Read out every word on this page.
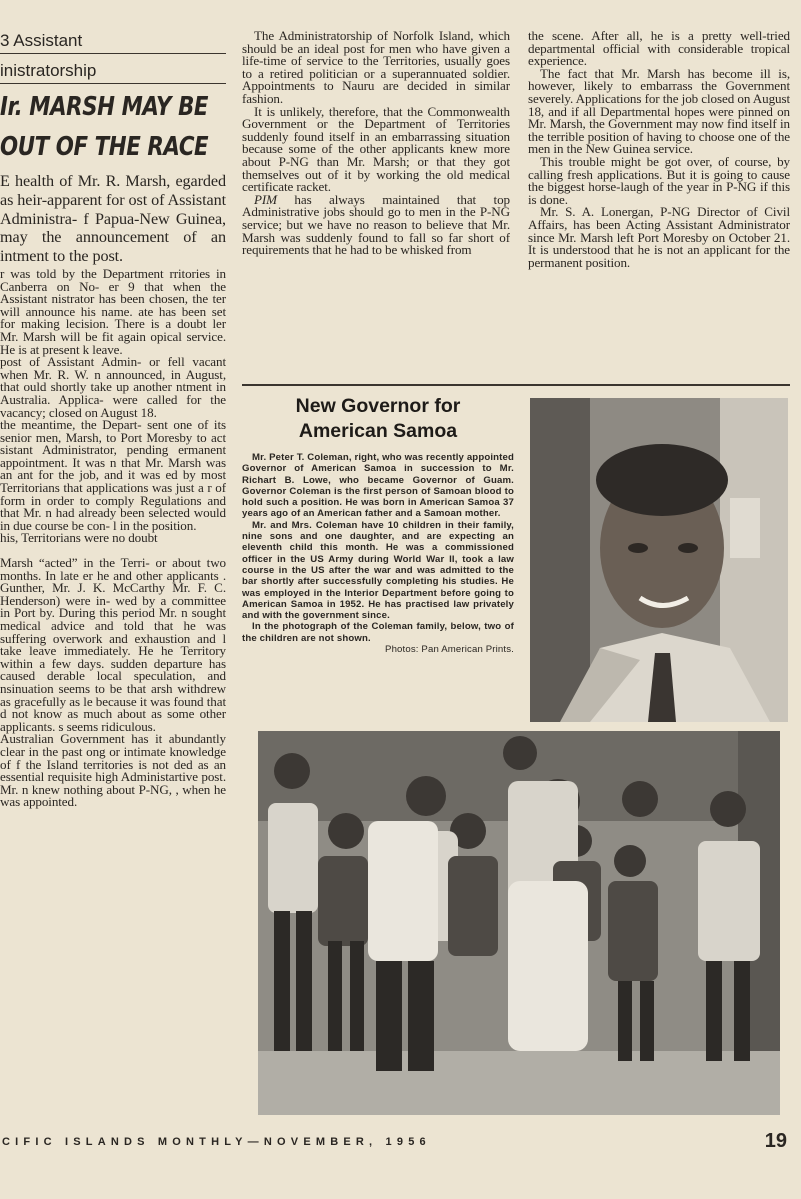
3 Assistant
inistratorship
Ir. MARSH MAY BE
OUT OF THE RACE

E health of Mr. R. Marsh, egarded as heir-apparent for ost of Assistant Administra- f Papua-New Guinea, may the announcement of an intment to the post.

r was told by the Department rritories in Canberra on No- er 9 that when the Assistant nistrator has been chosen, the ter will announce his name. ate has been set for making lecision. There is a doubt ler Mr. Marsh will be fit again opical service. He is at present k leave.

post of Assistant Admin- or fell vacant when Mr. R. W. n announced, in August, that ould shortly take up another ntment in Australia. Applica- were called for the vacancy; closed on August 18.

the meantime, the Depart- sent one of its senior men, Marsh, to Port Moresby to act sistant Administrator, pending ermanent appointment. It was n that Mr. Marsh was an ant for the job, and it was ed by most Territorians that applications was just a r of form in order to comply Regulations and that Mr. n had already been selected would in due course be con- l in the position.

his, Territorians were no doubt

Marsh “acted” in the Terri- or about two months. In late er he and other applicants . Gunther, Mr. J. K. McCarthy Mr. F. C. Henderson) were in- wed by a committee in Port by. During this period Mr. n sought medical advice and told that he was suffering overwork and exhaustion and l take leave immediately. He he Territory within a few days. sudden departure has caused derable local speculation, and nsinuation seems to be that arsh withdrew as gracefully as le because it was found that d not know as much about as some other applicants. s seems ridiculous.

Australian Government has it abundantly clear in the past ong or intimate knowledge of f the Island territories is not ded as an essential requisite high Administartive post. Mr. n knew nothing about P-NG, , when he was appointed.

The Administratorship of Norfolk Island, which should be an ideal post for men who have given a life-time of service to the Territories, usually goes to a retired politician or a superannuated soldier. Appointments to Nauru are decided in similar fashion.

It is unlikely, therefore, that the Commonwealth Government or the Department of Territories suddenly found itself in an embarrassing situation because some of the other applicants knew more about P-NG than Mr. Marsh; or that they got themselves out of it by working the old medical certificate racket.

PIM has always maintained that top Administrative jobs should go to men in the P-NG service; but we have no reason to believe that Mr. Marsh was suddenly found to fall so far short of requirements that he had to be whisked from

the scene. After all, he is a pretty well-tried departmental official with considerable tropical experience.

The fact that Mr. Marsh has become ill is, however, likely to embarrass the Government severely. Applications for the job closed on August 18, and if all Departmental hopes were pinned on Mr. Marsh, the Government may now find itself in the terrible position of having to choose one of the men in the New Guinea service.

This trouble might be got over, of course, by calling fresh applications. But it is going to cause the biggest horse-laugh of the year in P-NG if this is done.

Mr. S. A. Lonergan, P-NG Director of Civil Affairs, has been Acting Assistant Administrator since Mr. Marsh left Port Moresby on October 21. It is understood that he is not an applicant for the permanent position.

New Governor for
American Samoa

Mr. Peter T. Coleman, right, who was recently appointed Governor of American Samoa in succession to Mr. Richart B. Lowe, who became Governor of Guam. Governor Coleman is the first person of Samoan blood to hold such a position. He was born in American Samoa 37 years ago of an American father and a Samoan mother.

Mr. and Mrs. Coleman have 10 children in their family, nine sons and one daughter, and are expecting an eleventh child this month. He was a commissioned officer in the US Army during World War II, took a law course in the US after the war and was admitted to the bar shortly after successfully completing his studies. He was employed in the Interior Department before going to American Samoa in 1952. He has practised law privately and with the government since.

In the photograph of the Coleman family, below, two of the children are not shown.

Photos: Pan American Prints.

CIFIC ISLANDS MONTHLY—NOVEMBER, 1956	19
